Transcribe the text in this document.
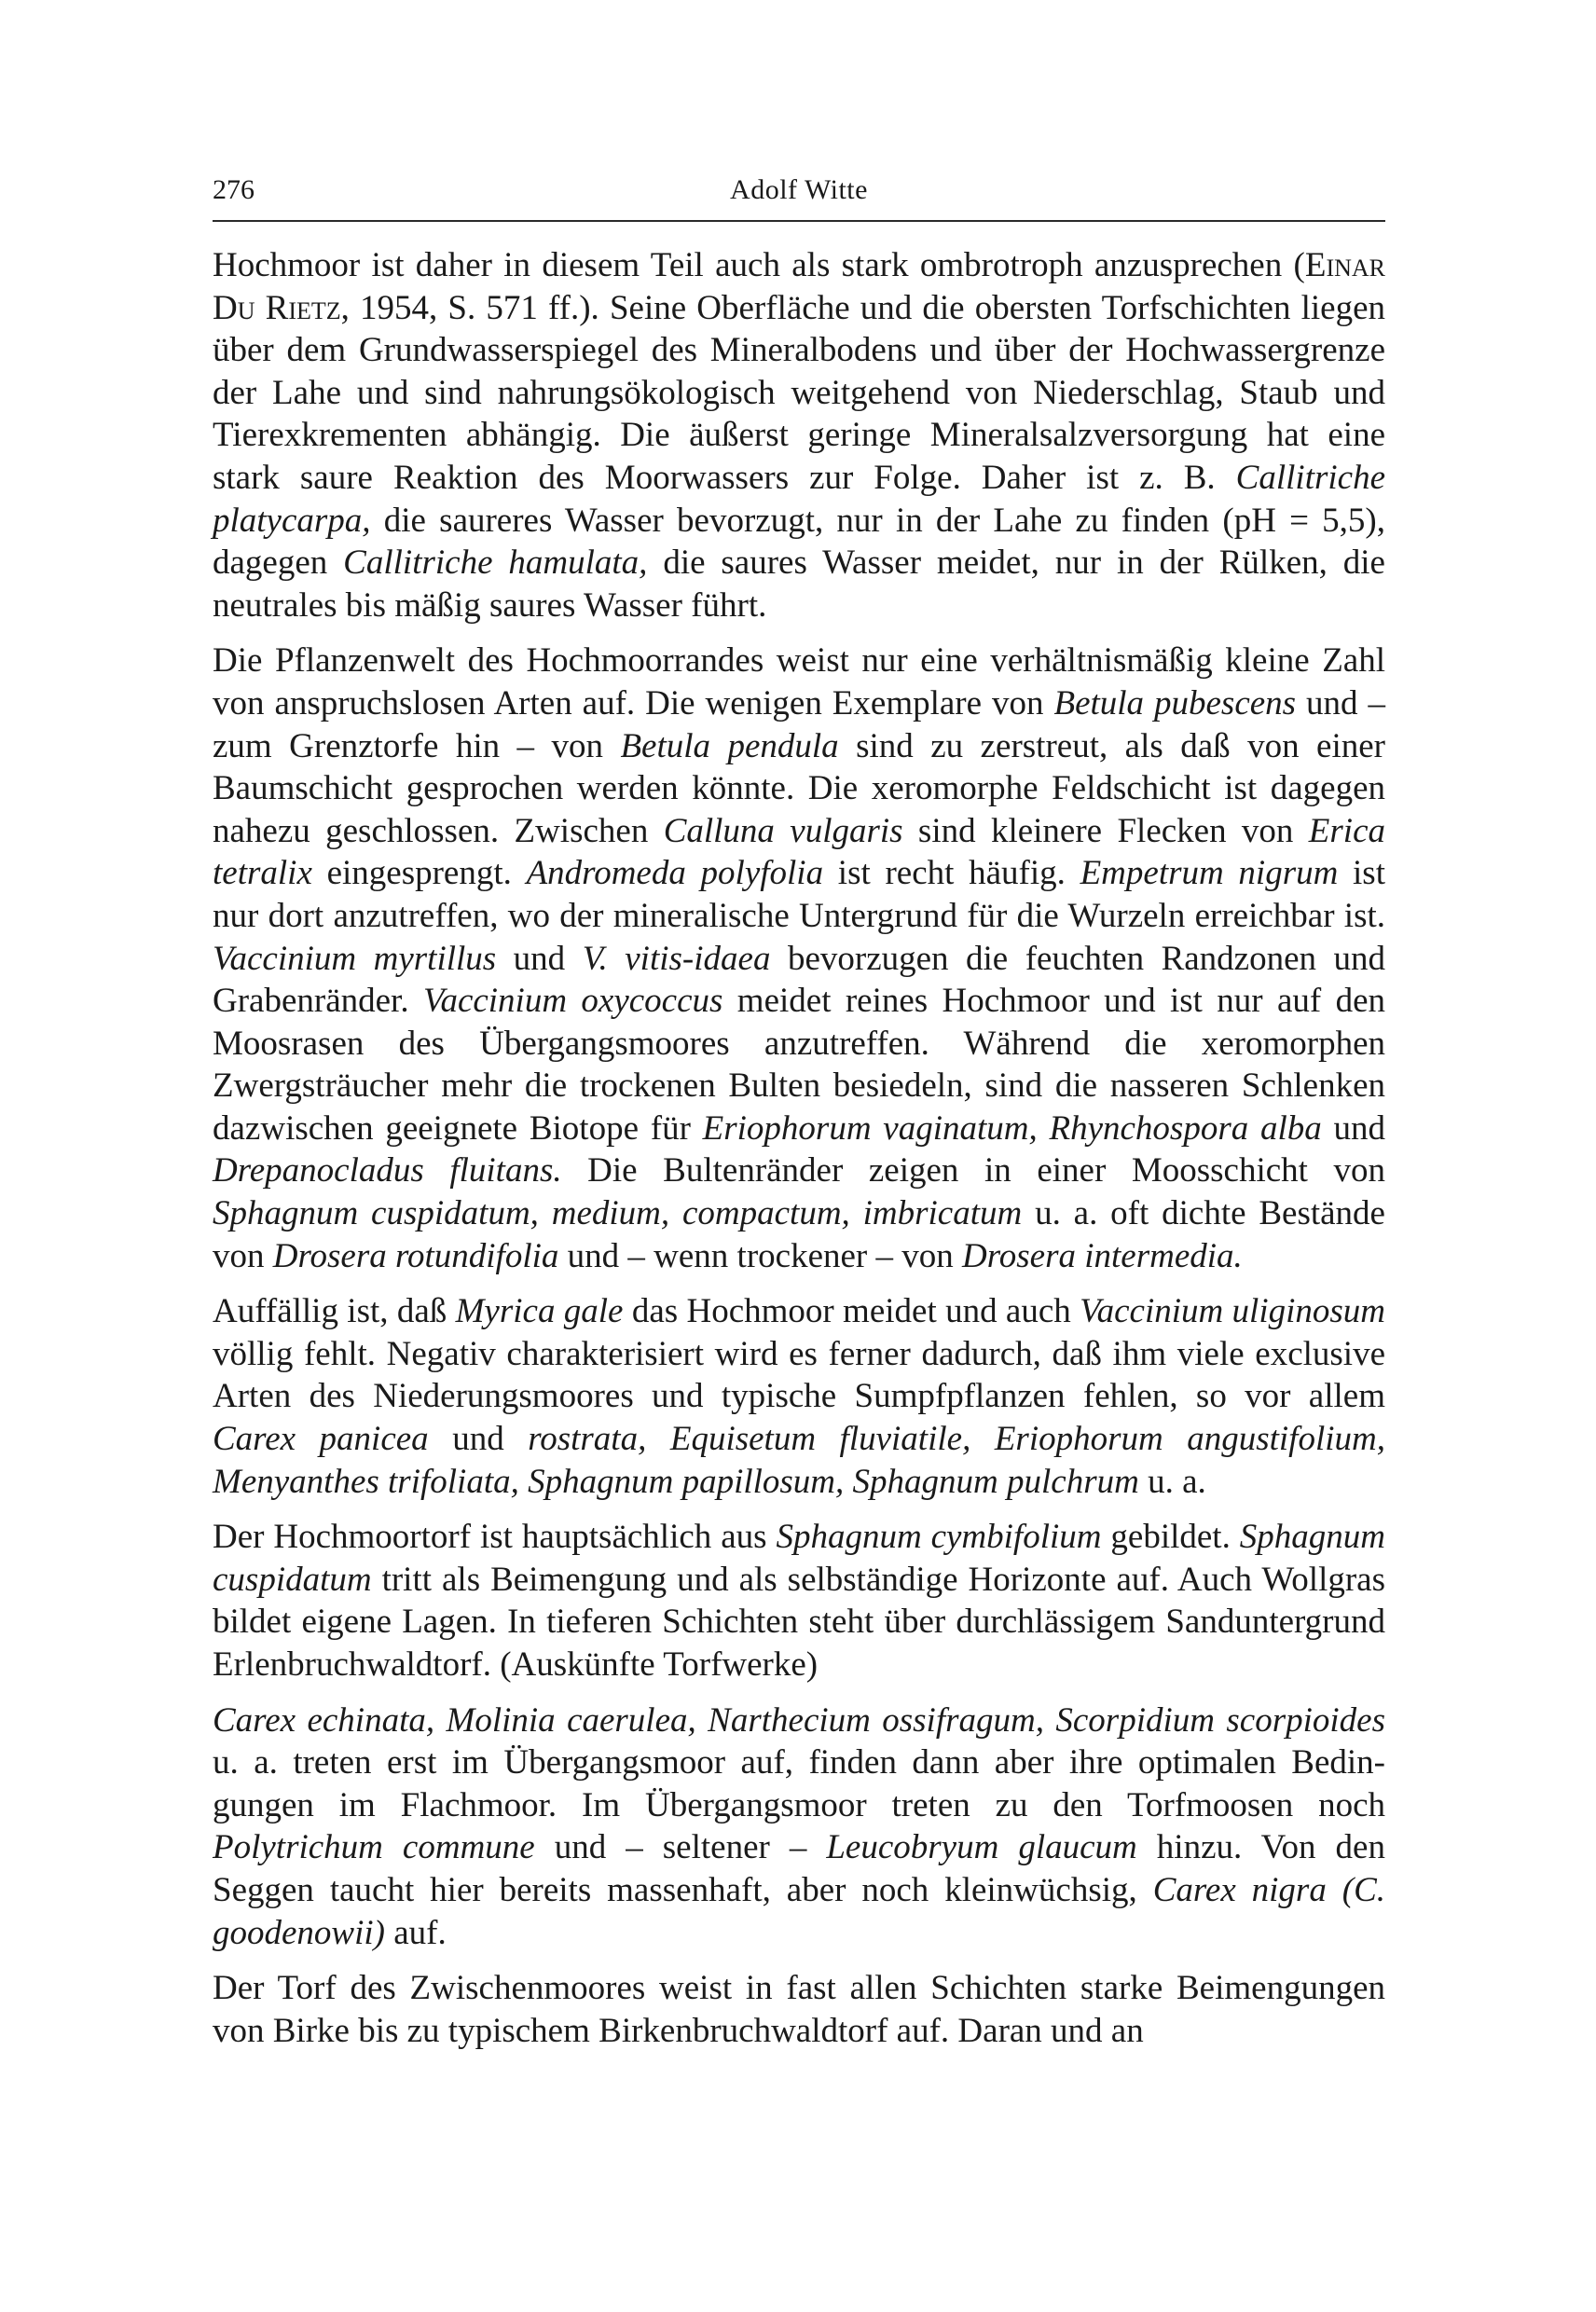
276	Adolf Witte

Hochmoor ist daher in diesem Teil auch als stark ombrotroph anzusprechen (Einar Du Rietz, 1954, S. 571 ff.). Seine Oberfläche und die obersten Torfschichten liegen über dem Grundwasserspiegel des Mineralbodens und über der Hochwassergrenze der Lahe und sind nahrungsökologisch weitgehend von Niederschlag, Staub und Tierexkrementen abhängig. Die äußerst geringe Mineralsalzversorgung hat eine stark saure Reaktion des Moorwassers zur Folge. Daher ist z. B. Callitriche platycarpa, die saureres Wasser bevorzugt, nur in der Lahe zu finden (pH = 5,5), dagegen Callitriche hamulata, die saures Wasser meidet, nur in der Rülken, die neutrales bis mäßig saures Wasser führt.

Die Pflanzenwelt des Hochmoorrandes weist nur eine verhältnismäßig kleine Zahl von anspruchslosen Arten auf. Die wenigen Exemplare von Betula pubescens und – zum Grenztorfe hin – von Betula pendula sind zu zerstreut, als daß von einer Baumschicht gesprochen werden könnte. Die xeromorphe Feldschicht ist dagegen nahezu geschlossen. Zwischen Calluna vulgaris sind kleinere Flecken von Erica tetralix eingesprengt. Andromeda polyfolia ist recht häufig. Empetrum nigrum ist nur dort anzutreffen, wo der mineralische Untergrund für die Wurzeln erreichbar ist. Vaccinium myrtillus und V. vitis-idaea bevorzugen die feuchten Randzonen und Grabenränder. Vaccinium oxycoccus meidet reines Hochmoor und ist nur auf den Moosrasen des Übergangsmoores anzutreffen. Während die xeromorphen Zwergsträucher mehr die trockenen Bulten besiedeln, sind die nasseren Schlenken dazwischen geeignete Biotope für Eriophorum vaginatum, Rhynchospora alba und Drepanocladus fluitans. Die Bultenränder zeigen in einer Moosschicht von Sphagnum cuspidatum, medium, compactum, imbricatum u. a. oft dichte Bestände von Drosera rotundifolia und – wenn trockener – von Drosera intermedia.

Auffällig ist, daß Myrica gale das Hochmoor meidet und auch Vaccinium uliginosum völlig fehlt. Negativ charakterisiert wird es ferner dadurch, daß ihm viele exclusive Arten des Niederungsmoores und typische Sumpfpflanzen fehlen, so vor allem Carex panicea und rostrata, Equisetum fluviatile, Eriophorum angustifolium, Menyanthes trifoliata, Sphagnum papillosum, Sphagnum pulchrum u. a.

Der Hochmoortorf ist hauptsächlich aus Sphagnum cymbifolium gebildet. Sphagnum cuspidatum tritt als Beimengung und als selbständige Horizonte auf. Auch Wollgras bildet eigene Lagen. In tieferen Schichten steht über durchlässigem Sanduntergrund Erlenbruchwaldtorf. (Auskünfte Torfwerke)

Carex echinata, Molinia caerulea, Narthecium ossifragum, Scorpidium scorpioides u. a. treten erst im Übergangsmoor auf, finden dann aber ihre optimalen Bedingungen im Flachmoor. Im Übergangsmoor treten zu den Torfmoosen noch Polytrichum commune und – seltener – Leucobryum glaucum hinzu. Von den Seggen taucht hier bereits massenhaft, aber noch kleinwüchsig, Carex nigra (C. goodenowii) auf.

Der Torf des Zwischenmoores weist in fast allen Schichten starke Beimengungen von Birke bis zu typischem Birkenbruchwaldtorf auf. Daran und an
